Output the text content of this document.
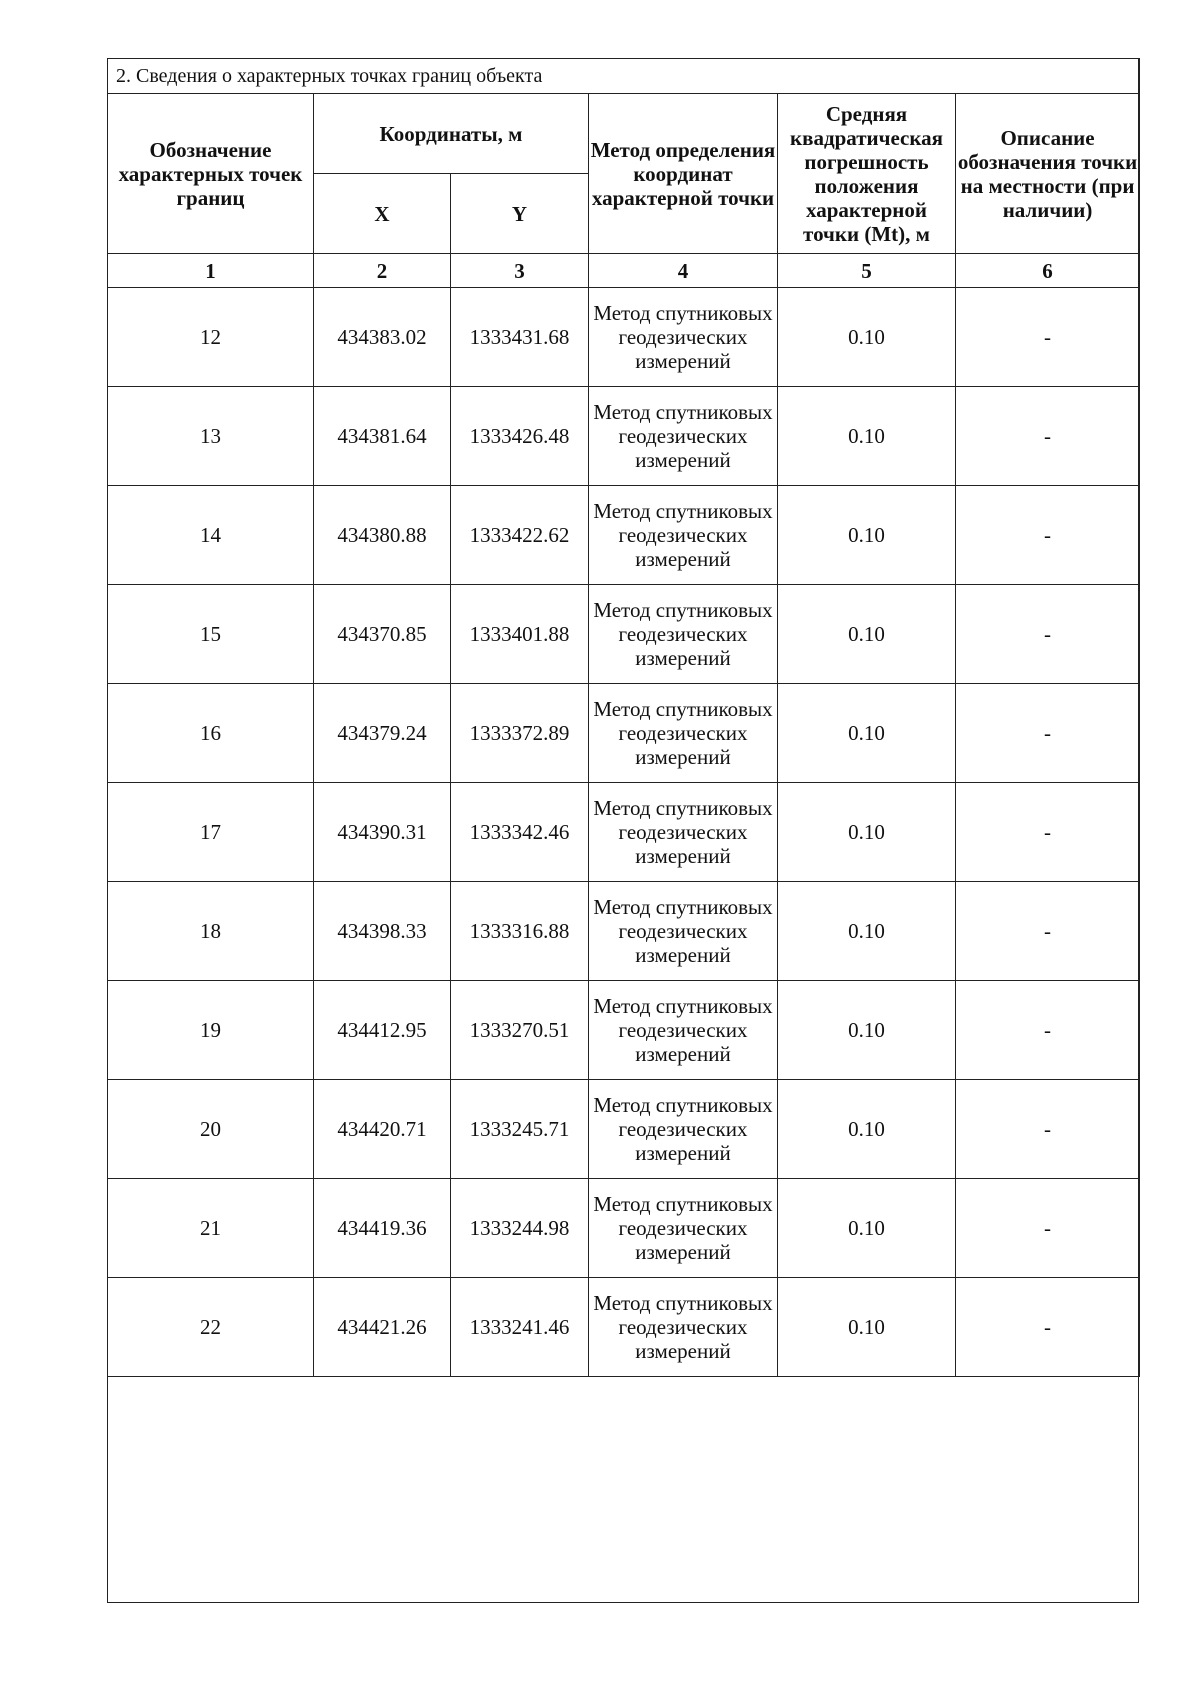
2. Сведения о характерных точках границ объекта					
Обозначение характерных точек границ	Координаты, м		Метод определения координат характерной точки	Средняя квадратическая погрешность положения характерной точки (Mt), м	Описание обозначения точки на местности (при наличии)
	X	Y			
1	2	3	4	5	6
12	434383.02	1333431.68	Метод спутниковых геодезических измерений	0.10	-
13	434381.64	1333426.48	Метод спутниковых геодезических измерений	0.10	-
14	434380.88	1333422.62	Метод спутниковых геодезических измерений	0.10	-
15	434370.85	1333401.88	Метод спутниковых геодезических измерений	0.10	-
16	434379.24	1333372.89	Метод спутниковых геодезических измерений	0.10	-
17	434390.31	1333342.46	Метод спутниковых геодезических измерений	0.10	-
18	434398.33	1333316.88	Метод спутниковых геодезических измерений	0.10	-
19	434412.95	1333270.51	Метод спутниковых геодезических измерений	0.10	-
20	434420.71	1333245.71	Метод спутниковых геодезических измерений	0.10	-
21	434419.36	1333244.98	Метод спутниковых геодезических измерений	0.10	-
22	434421.26	1333241.46	Метод спутниковых геодезических измерений	0.10	-
